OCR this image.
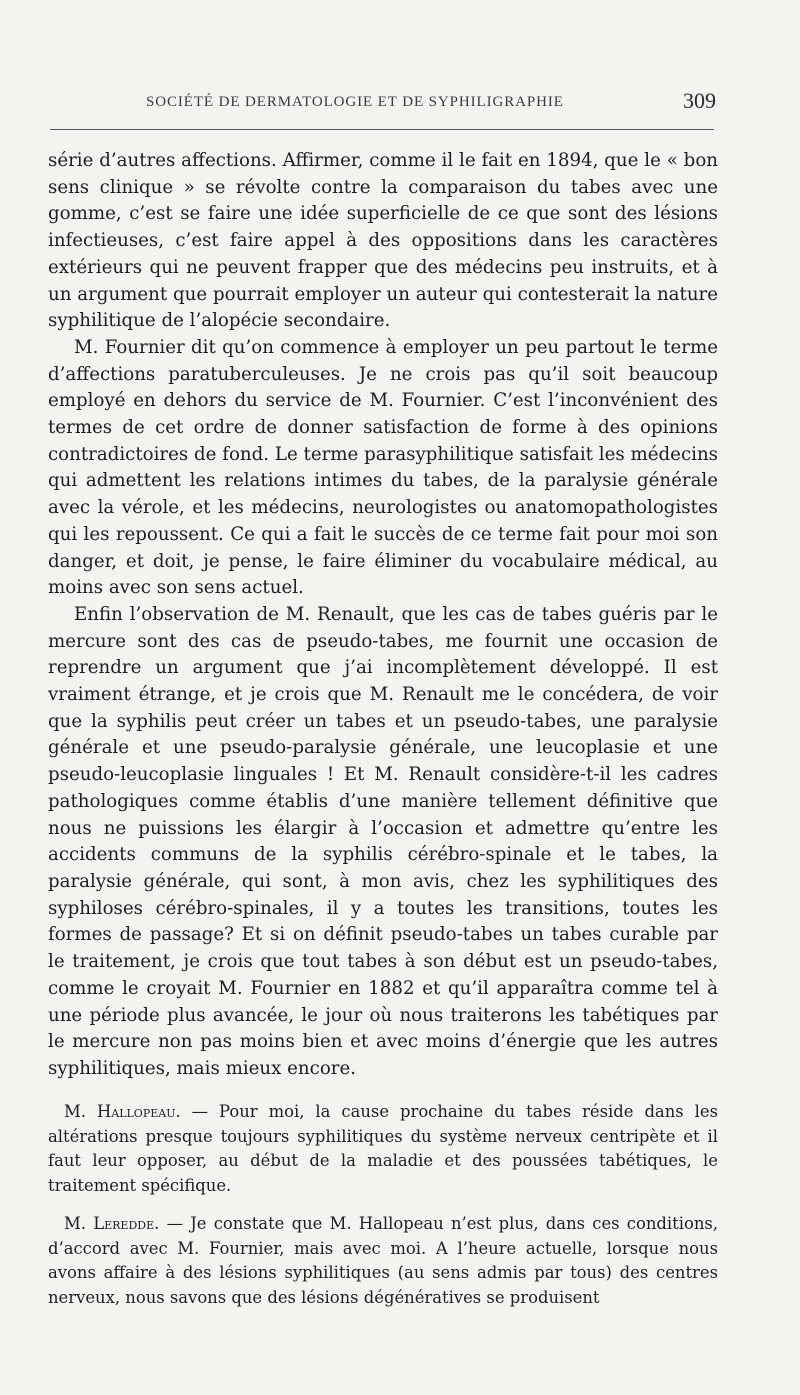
SOCIÉTÉ DE DERMATOLOGIE ET DE SYPHILIGRAPHIE	309

série d’autres affections. Affirmer, comme il le fait en 1894, que le « bon sens clinique » se révolte contre la comparaison du tabes avec une gomme, c’est se faire une idée superficielle de ce que sont des lésions infectieuses, c’est faire appel à des oppositions dans les caractères extérieurs qui ne peuvent frapper que des médecins peu instruits, et à un argument que pourrait employer un auteur qui contesterait la nature syphilitique de l’alopécie secondaire.

M. Fournier dit qu’on commence à employer un peu partout le terme d’affections paratuberculeuses. Je ne crois pas qu’il soit beaucoup employé en dehors du service de M. Fournier. C’est l’inconvénient des termes de cet ordre de donner satisfaction de forme à des opinions contradictoires de fond. Le terme parasyphilitique satisfait les médecins qui admettent les relations intimes du tabes, de la paralysie générale avec la vérole, et les médecins, neurologistes ou anatomopathologistes qui les repoussent. Ce qui a fait le succès de ce terme fait pour moi son danger, et doit, je pense, le faire éliminer du vocabulaire médical, au moins avec son sens actuel.

Enfin l’observation de M. Renault, que les cas de tabes guéris par le mercure sont des cas de pseudo-tabes, me fournit une occasion de reprendre un argument que j’ai incomplètement développé. Il est vraiment étrange, et je crois que M. Renault me le concédera, de voir que la syphilis peut créer un tabes et un pseudo-tabes, une paralysie générale et une pseudo-paralysie générale, une leucoplasie et une pseudo-leucoplasie linguales ! Et M. Renault considère-t-il les cadres pathologiques comme établis d’une manière tellement définitive que nous ne puissions les élargir à l’occasion et admettre qu’entre les accidents communs de la syphilis cérébro-spinale et le tabes, la paralysie générale, qui sont, à mon avis, chez les syphilitiques des syphiloses cérébro-spinales, il y a toutes les transitions, toutes les formes de passage? Et si on définit pseudo-tabes un tabes curable par le traitement, je crois que tout tabes à son début est un pseudo-tabes, comme le croyait M. Fournier en 1882 et qu’il apparaîtra comme tel à une période plus avancée, le jour où nous traiterons les tabétiques par le mercure non pas moins bien et avec moins d’énergie que les autres syphilitiques, mais mieux encore.

M. Hallopeau. — Pour moi, la cause prochaine du tabes réside dans les altérations presque toujours syphilitiques du système nerveux centripète et il faut leur opposer, au début de la maladie et des poussées tabétiques, le traitement spécifique.

M. Leredde. — Je constate que M. Hallopeau n’est plus, dans ces conditions, d’accord avec M. Fournier, mais avec moi. A l’heure actuelle, lorsque nous avons affaire à des lésions syphilitiques (au sens admis par tous) des centres nerveux, nous savons que des lésions dégénératives se produisent
